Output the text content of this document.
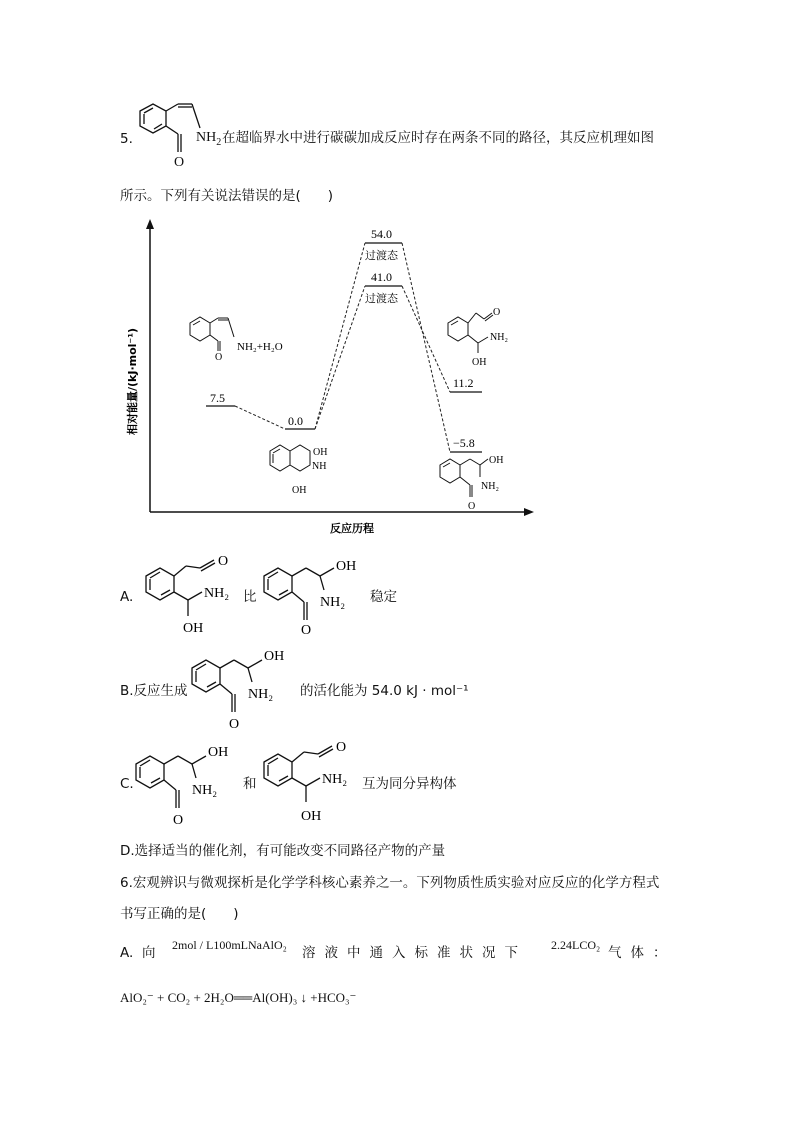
5.
O
$NH_2$ 在超临界水中进行碳碳加成反应时存在两条不同的路径，其反应机理如图
所示。下列有关说法错误的是(　　)
相对能量/(kJ·mol⁻¹)
反应历程
7.5
0.0
54.0
过渡态
41.0
过渡态
11.2
−5.8
NH₂+H₂O
O
OH
NH
OH
O
NH₂
OH
OH
NH₂
O
A.
O
NH₂
OH
比
OH
NH₂
O
稳定
B.反应生成
OH
NH₂
O
的活化能为 54.0 kJ · mol⁻¹
C.
OH
NH₂
O
和
O
NH₂
OH
互为同分异构体
D.选择适当的催化剂，有可能改变不同路径产物的产量
6.宏观辨识与微观探析是化学学科核心素养之一。下列物质性质实验对应反应的化学方程式
书写正确的是(　　)
A. 向 2mol / L100mLNaAlO₂ 溶液中通入标准状况下 2.24LCO₂ 气体：
AlO₂⁻ + CO₂ + 2H₂O══Al(OH)₃ ↓ +HCO₃⁻
